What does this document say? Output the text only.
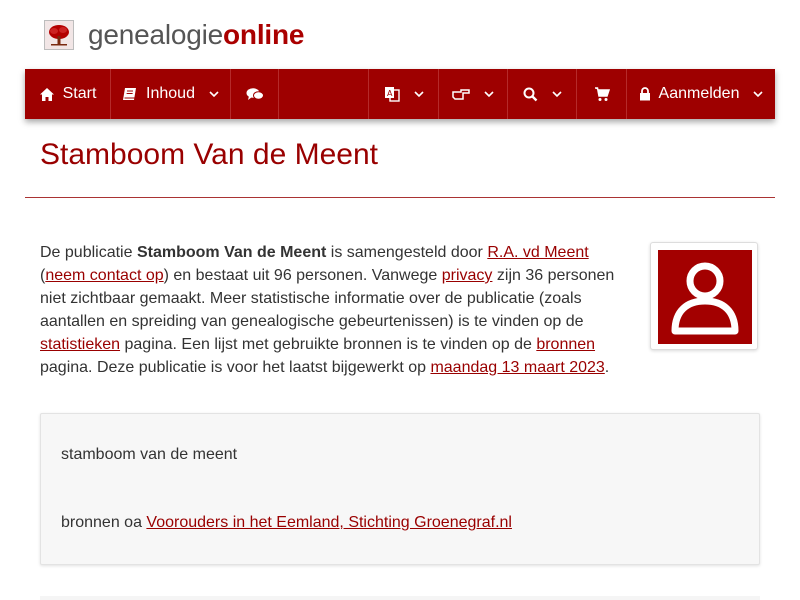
genealogieonline
Start	Inhoud	A	Aanmelden
Stamboom Van de Meent

De publicatie Stamboom Van de Meent is samengesteld door R.A. vd Meent
(neem contact op) en bestaat uit 96 personen. Vanwege privacy zijn 36 personen niet zichtbaar gemaakt. Meer statistische informatie over de publicatie (zoals aantallen en spreiding van genealogische gebeurtenissen) is te vinden op de statistieken pagina. Een lijst met gebruikte bronnen is te vinden op de bronnen pagina. Deze publicatie is voor het laatst bijgewerkt op maandag 13 maart 2023.

stamboom van de meent

bronnen oa Voorouders in het Eemland, Stichting Groenegraf.nl
